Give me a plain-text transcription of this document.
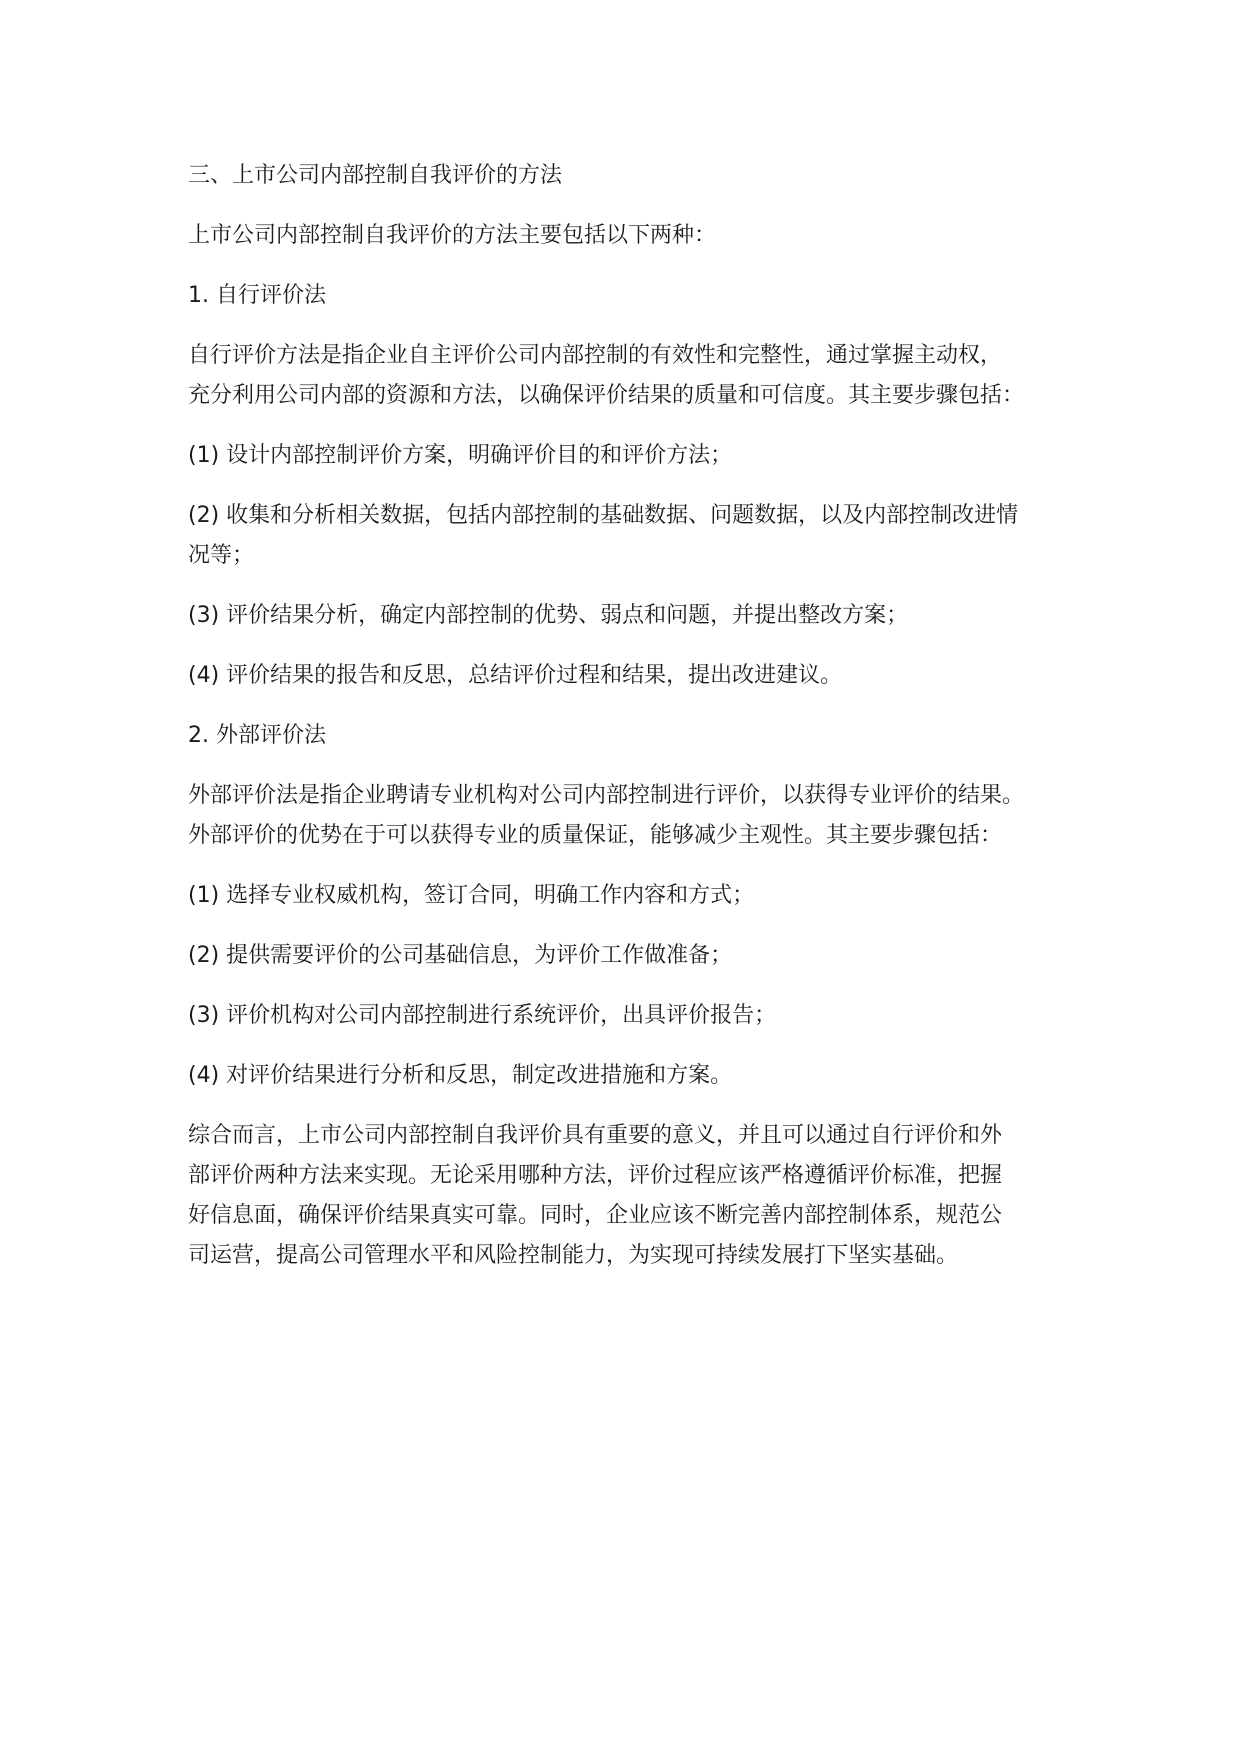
三、上市公司内部控制自我评价的方法
上市公司内部控制自我评价的方法主要包括以下两种：
1. 自行评价法
自行评价方法是指企业自主评价公司内部控制的有效性和完整性，通过掌握主动权，
充分利用公司内部的资源和方法，以确保评价结果的质量和可信度。其主要步骤包括：
(1) 设计内部控制评价方案，明确评价目的和评价方法；
(2) 收集和分析相关数据，包括内部控制的基础数据、问题数据，以及内部控制改进情
况等；
(3) 评价结果分析，确定内部控制的优势、弱点和问题，并提出整改方案；
(4) 评价结果的报告和反思，总结评价过程和结果，提出改进建议。
2. 外部评价法
外部评价法是指企业聘请专业机构对公司内部控制进行评价，以获得专业评价的结果。
外部评价的优势在于可以获得专业的质量保证，能够减少主观性。其主要步骤包括：
(1) 选择专业权威机构，签订合同，明确工作内容和方式；
(2) 提供需要评价的公司基础信息，为评价工作做准备；
(3) 评价机构对公司内部控制进行系统评价，出具评价报告；
(4) 对评价结果进行分析和反思，制定改进措施和方案。
综合而言，上市公司内部控制自我评价具有重要的意义，并且可以通过自行评价和外
部评价两种方法来实现。无论采用哪种方法，评价过程应该严格遵循评价标准，把握
好信息面，确保评价结果真实可靠。同时，企业应该不断完善内部控制体系，规范公
司运营，提高公司管理水平和风险控制能力，为实现可持续发展打下坚实基础。
